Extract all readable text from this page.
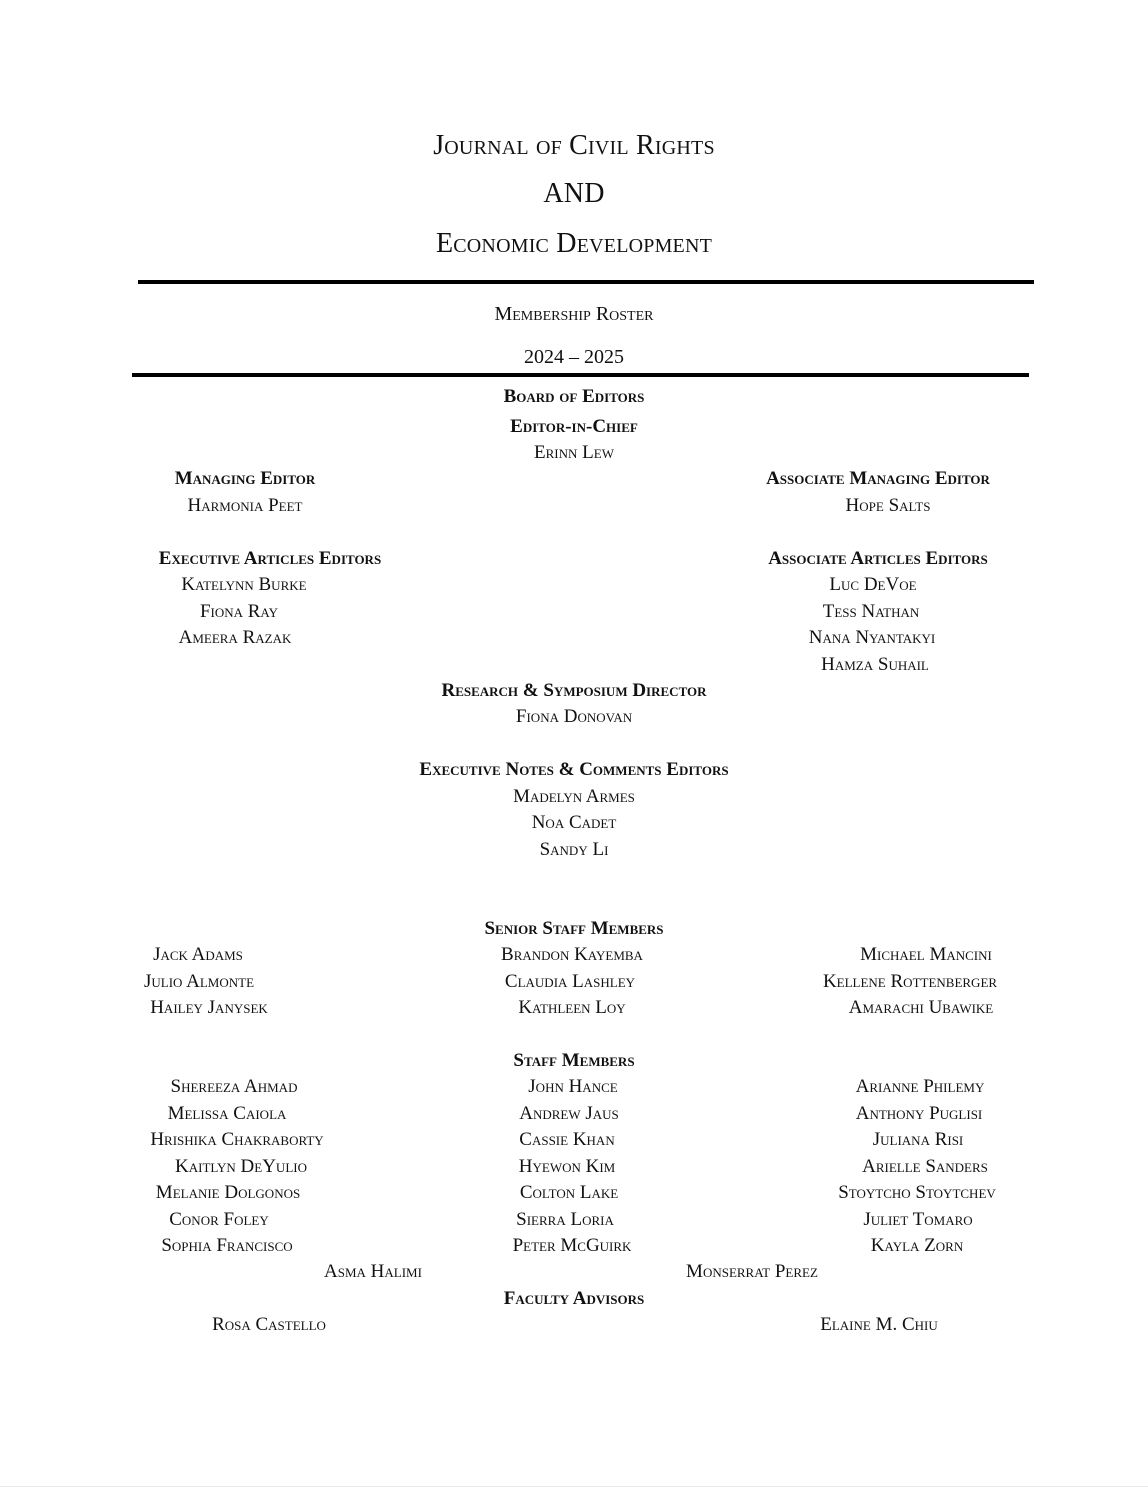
Journal of Civil Rights
AND
Economic Development
Membership Roster
2024 – 2025
Board of Editors
Editor-in-Chief
Erinn Lew
Managing Editor
Harmonia Peet
Associate Managing Editor
Hope Salts
Executive Articles Editors
Katelynn Burke
Fiona Ray
Ameera Razak
Associate Articles Editors
Luc DeVoe
Tess Nathan
Nana Nyantakyi
Hamza Suhail
Research & Symposium Director
Fiona Donovan
Executive Notes & Comments Editors
Madelyn Armes
Noa Cadet
Sandy Li
Senior Staff Members
Jack Adams
Julio Almonte
Hailey Janysek
Brandon Kayemba
Claudia Lashley
Kathleen Loy
Michael Mancini
Kellene Rottenberger
Amarachi Ubawike
Staff Members
Shereeza Ahmad
Melissa Caiola
Hrishika Chakraborty
Kaitlyn DeYulio
Melanie Dolgonos
Conor Foley
Sophia Francisco
John Hance
Andrew Jaus
Cassie Khan
Hyewon Kim
Colton Lake
Sierra Loria
Peter McGuirk
Arianne Philemy
Anthony Puglisi
Juliana Risi
Arielle Sanders
Stoytcho Stoytchev
Juliet Tomaro
Kayla Zorn
Asma Halimi	Monserrat Perez
Faculty Advisors
Rosa Castello	Elaine M. Chiu
